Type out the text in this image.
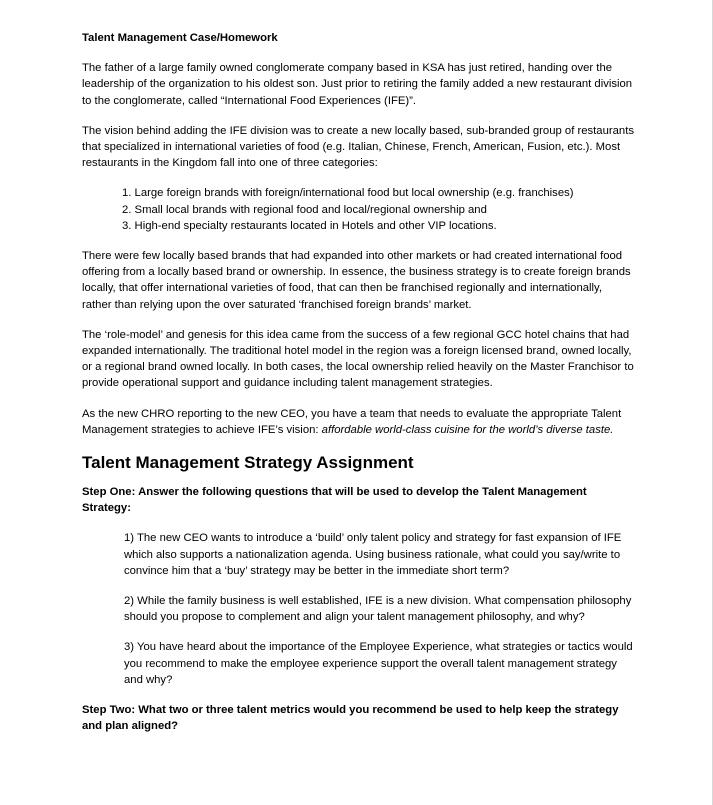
Talent Management Case/Homework

The father of a large family owned conglomerate company based in KSA has just retired, handing over the leadership of the organization to his oldest son. Just prior to retiring the family added a new restaurant division to the conglomerate, called “International Food Experiences (IFE)”.

The vision behind adding the IFE division was to create a new locally based, sub-branded group of restaurants that specialized in international varieties of food (e.g. Italian, Chinese, French, American, Fusion, etc.). Most restaurants in the Kingdom fall into one of three categories:

1. Large foreign brands with foreign/international food but local ownership (e.g. franchises)
2. Small local brands with regional food and local/regional ownership and
3. High-end specialty restaurants located in Hotels and other VIP locations.

There were few locally based brands that had expanded into other markets or had created international food offering from a locally based brand or ownership. In essence, the business strategy is to create foreign brands locally, that offer international varieties of food, that can then be franchised regionally and internationally, rather than relying upon the over saturated ‘franchised foreign brands’ market.

The ‘role-model’ and genesis for this idea came from the success of a few regional GCC hotel chains that had expanded internationally. The traditional hotel model in the region was a foreign licensed brand, owned locally, or a regional brand owned locally. In both cases, the local ownership relied heavily on the Master Franchisor to provide operational support and guidance including talent management strategies.

As the new CHRO reporting to the new CEO, you have a team that needs to evaluate the appropriate Talent Management strategies to achieve IFE’s vision: affordable world-class cuisine for the world’s diverse taste.

Talent Management Strategy Assignment
Step One: Answer the following questions that will be used to develop the Talent Management Strategy:
1) The new CEO wants to introduce a ‘build’ only talent policy and strategy for fast expansion of IFE which also supports a nationalization agenda. Using business rationale, what could you say/write to convince him that a ‘buy’ strategy may be better in the immediate short term?
2) While the family business is well established, IFE is a new division. What compensation philosophy should you propose to complement and align your talent management philosophy, and why?
3) You have heard about the importance of the Employee Experience, what strategies or tactics would you recommend to make the employee experience support the overall talent management strategy and why?
Step Two: What two or three talent metrics would you recommend be used to help keep the strategy and plan aligned?
